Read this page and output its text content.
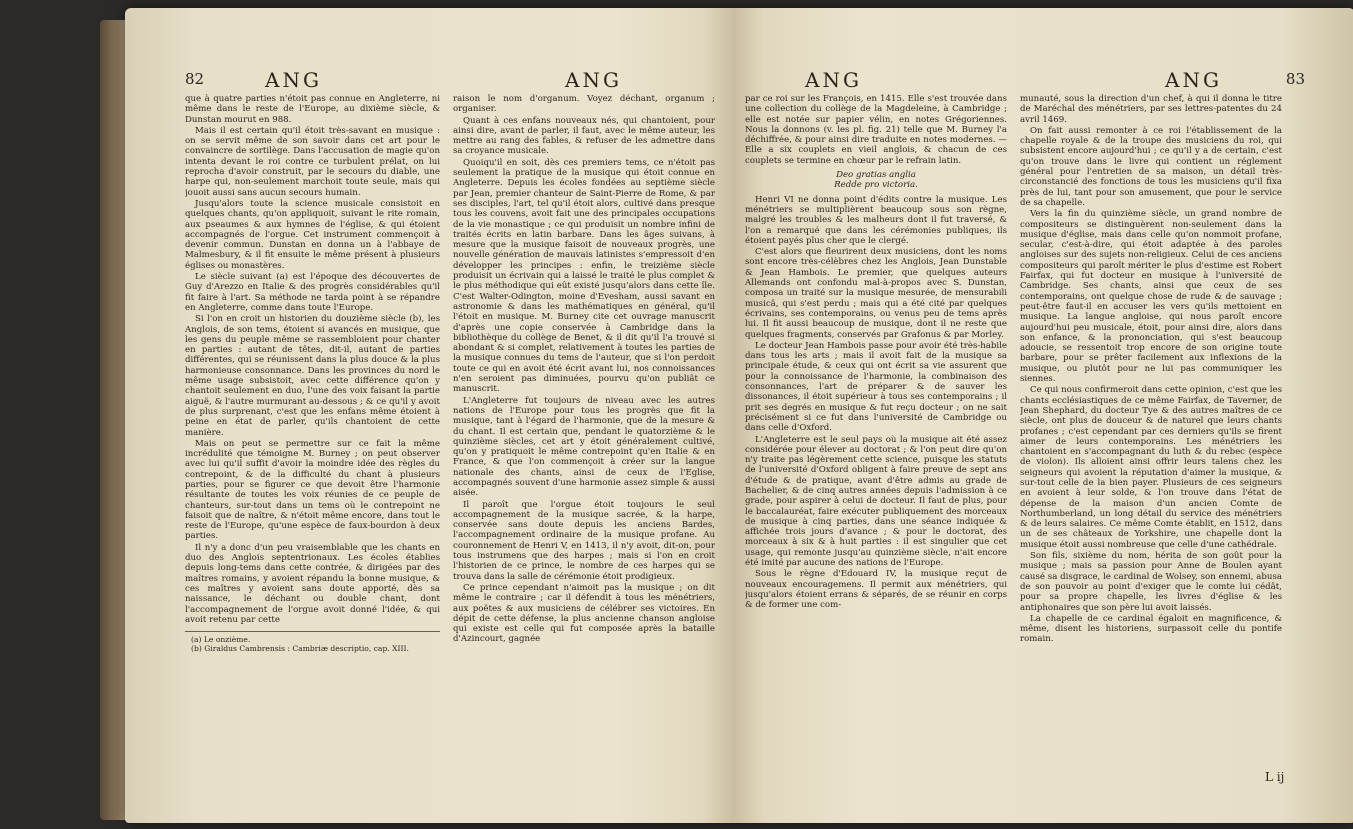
82	ANG	ANG

que à quatre parties n'étoit pas connue en Angleterre, ni même dans le reste de l'Europe, au dixième siècle, & Dunstan mourut en 988.

Mais il est certain qu'il étoit très-savant en musique : on se servit même de son savoir dans cet art pour le convaincre de sortilège. Dans l'accusation de magie qu'on intenta devant le roi contre ce turbulent prélat, on lui reprocha d'avoir construit, par le secours du diable, une harpe qui, non-seulement marchoit toute seule, mais qui jouoit aussi sans aucun secours humain.

Jusqu'alors toute la science musicale consistoit en quelques chants, qu'on appliquoit, suivant le rite romain, aux pseaumes & aux hymnes de l'église, & qui étoient accompagnés de l'orgue. Cet instrument commençoit à devenir commun. Dunstan en donna un à l'abbaye de Malmesbury, & il fit ensuite le même présent à plusieurs églises ou monastères.

Le siècle suivant (a) est l'époque des découvertes de Guy d'Arezzo en Italie & des progrès considérables qu'il fit faire à l'art. Sa méthode ne tarda point à se répandre en Angleterre, comme dans toute l'Europe.

Si l'on en croit un historien du douzième siècle (b), les Anglois, de son tems, étoient si avancés en musique, que les gens du peuple même se rassembloient pour chanter en parties : autant de têtes, dit-il, autant de parties différentes, qui se réunissent dans la plus douce & la plus harmonieuse consonnance. Dans les provinces du nord le même usage subsistoit, avec cette différence qu'on y chantoit seulement en duo, l'une des voix faisant la partie aiguë, & l'autre murmurant au-dessous ; & ce qu'il y avoit de plus surprenant, c'est que les enfans même étoient à peine en état de parler, qu'ils chantoient de cette manière.

Mais on peut se permettre sur ce fait la même incrédulité que témoigne M. Burney ; on peut observer avec lui qu'il suffit d'avoir la moindre idée des règles du contrepoint, & de la difficulté du chant à plusieurs parties, pour se figurer ce que devoit être l'harmonie résultante de toutes les voix réunies de ce peuple de chanteurs, sur-tout dans un tems où le contrepoint ne faisoit que de naître, & n'étoit même encore, dans tout le reste de l'Europe, qu'une espèce de faux-bourdon à deux parties.

Il n'y a donc d'un peu vraisemblable que les chants en duo des Anglois septentrionaux. Les écoles établies depuis long-tems dans cette contrée, & dirigées par des maîtres romains, y avoient répandu la bonne musique, & ces maîtres y avoient sans doute apporté, dès sa naissance, le déchant ou double chant, dont l'accompagnement de l'orgue avoit donné l'idée, & qui avoit retenu par cette

(a) Le onzième.
(b) Giraldus Cambrensis : Cambriæ descriptio, cap. XIII.

raison le nom d'organum. Voyez déchant, organum ; organiser.

Quant à ces enfans nouveaux nés, qui chantoient, pour ainsi dire, avant de parler, il faut, avec le même auteur, les mettre au rang des fables, & refuser de les admettre dans sa croyance musicale.

Quoiqu'il en soit, dès ces premiers tems, ce n'étoit pas seulement la pratique de la musique qui étoit connue en Angleterre. Depuis les écoles fondées au septième siècle par Jean, premier chanteur de Saint-Pierre de Rome, & par ses disciples, l'art, tel qu'il étoit alors, cultivé dans presque tous les couvens, avoit fait une des principales occupations de la vie monastique ; ce qui produisit un nombre infini de traités écrits en latin barbare. Dans les âges suivans, à mesure que la musique faisoit de nouveaux progrès, une nouvelle génération de mauvais latinistes s'empressoit d'en développer les principes : enfin, le treizième siècle produisit un écrivain qui a laissé le traité le plus complet & le plus méthodique qui eût existé jusqu'alors dans cette île. C'est Walter-Odington, moine d'Evesham, aussi savant en astronomie & dans les mathématiques en général, qu'il l'étoit en musique. M. Burney cite cet ouvrage manuscrit d'après une copie conservée à Cambridge dans la bibliothèque du collège de Benet, & il dit qu'il l'a trouvé si abondant & si complet, relativement à toutes les parties de la musique connues du tems de l'auteur, que si l'on perdoit toute ce qui en avoit été écrit avant lui, nos connoissances n'en seroient pas diminuées, pourvu qu'on publiât ce manuscrit.

L'Angleterre fut toujours de niveau avec les autres nations de l'Europe pour tous les progrès que fit la musique, tant à l'égard de l'harmonie, que de la mesure & du chant. Il est certain que, pendant le quatorzième & le quinzième siècles, cet art y étoit généralement cultivé, qu'on y pratiquoit le même contrepoint qu'en Italie & en France, & que l'on commençoit à créer sur la langue nationale des chants, ainsi de ceux de l'Eglise, accompagnés souvent d'une harmonie assez simple & aussi aisée.

Il paroît que l'orgue étoit toujours le seul accompagnement de la musique sacrée, & la harpe, conservée sans doute depuis les anciens Bardes, l'accompagnement ordinaire de la musique profane. Au couronnement de Henri V, en 1413, il n'y avoit, dit-on, pour tous instrumens que des harpes ; mais si l'on en croit l'historien de ce prince, le nombre de ces harpes qui se trouva dans la salle de cérémonie étoit prodigieux.

Ce prince cependant n'aimoit pas la musique ; on dit même le contraire ; car il défendit à tous les ménétriers, aux poëtes & aux musiciens de célébrer ses victoires. En dépit de cette défense, la plus ancienne chanson angloise qui existe est celle qui fut composée après la bataille d'Azincourt, gagnée

ANG	ANG	83

par ce roi sur les François, en 1415. Elle s'est trouvée dans une collection du collège de la Magdeleine, à Cambridge ; elle est notée sur papier vélin, en notes Grégoriennes. Nous la donnons (v. les pl. fig. 21) telle que M. Burney l'a déchiffrée, & pour ainsi dire traduite en notes modernes. — Elle a six couplets en vieil anglois, & chacun de ces couplets se termine en chœur par le refrain latin.

Deo gratias anglia
Redde pro victoria.

Henri VI ne donna point d'édits contre la musique. Les ménétriers se multiplièrent beaucoup sous son règne, malgré les troubles & les malheurs dont il fut traversé, & l'on a remarqué que dans les cérémonies publiques, ils étoient payés plus cher que le clergé.

C'est alors que fleurirent deux musiciens, dont les noms sont encore très-célèbres chez les Anglois, Jean Dunstable & Jean Hambois. Le premier, que quelques auteurs Allemands ont confondu mal-à-propos avec S. Dunstan, composa un traité sur la musique mesurée, de mensurabili musicâ, qui s'est perdu ; mais qui a été cité par quelques écrivains, ses contemporains, ou venus peu de tems après lui. Il fit aussi beaucoup de musique, dont il ne reste que quelques fragments, conservés par Grafonus & par Morley.

Le docteur Jean Hambois passe pour avoir été très-habile dans tous les arts ; mais il avoit fait de la musique sa principale étude, & ceux qui ont écrit sa vie assurent que pour la connoissance de l'harmonie, la combinaison des consonnances, l'art de préparer & de sauver les dissonances, il étoit supérieur à tous ses contemporains ; il prit ses degrés en musique & fut reçu docteur ; on ne sait précisément si ce fut dans l'université de Cambridge ou dans celle d'Oxford.

L'Angleterre est le seul pays où la musique ait été assez considérée pour élever au doctorat ; & l'on peut dire qu'on n'y traite pas légèrement cette science, puisque les statuts de l'université d'Oxford obligent à faire preuve de sept ans d'étude & de pratique, avant d'être admis au grade de Bachelier, & de cinq autres années depuis l'admission à ce grade, pour aspirer à celui de docteur. Il faut de plus, pour le baccalauréat, faire exécuter publiquement des morceaux de musique à cinq parties, dans une séance indiquée & affichée trois jours d'avance ; & pour le doctorat, des morceaux à six & à huit parties : il est singulier que cet usage, qui remonte jusqu'au quinzième siècle, n'ait encore été imité par aucune des nations de l'Europe.

Sous le règne d'Edouard IV, la musique reçut de nouveaux encouragemens. Il permit aux ménétriers, qui jusqu'alors étoient errans & séparés, de se réunir en corps & de former une com-

munauté, sous la direction d'un chef, à qui il donna le titre de Maréchal des ménétriers, par ses lettres-patentes du 24 avril 1469.

On fait aussi remonter à ce roi l'établissement de la chapelle royale & de la troupe des musiciens du roi, qui subsistent encore aujourd'hui ; ce qu'il y a de certain, c'est qu'on trouve dans le livre qui contient un réglement général pour l'entretien de sa maison, un détail très-circonstancié des fonctions de tous les musiciens qu'il fixa près de lui, tant pour son amusement, que pour le service de sa chapelle.

Vers la fin du quinzième siècle, un grand nombre de compositeurs se distinguèrent non-seulement dans la musique d'église, mais dans celle qu'on nommoit profane, secular, c'est-à-dire, qui étoit adaptée à des paroles angloises sur des sujets non-religieux. Celui de ces anciens compositeurs qui paroît mériter le plus d'estime est Robert Fairfax, qui fut docteur en musique à l'université de Cambridge. Ses chants, ainsi que ceux de ses contemporains, ont quelque chose de rude & de sauvage ; peut-être faut-il en accuser les vers qu'ils mettoient en musique. La langue angloise, qui nous paroît encore aujourd'hui peu musicale, étoit, pour ainsi dire, alors dans son enfance, & la prononciation, qui s'est beaucoup adoucie, se ressentoit trop encore de son origine toute barbare, pour se prêter facilement aux inflexions de la musique, ou plutôt pour ne lui pas communiquer les siennes.

Ce qui nous confirmeroit dans cette opinion, c'est que les chants ecclésiastiques de ce même Fairfax, de Taverner, de Jean Shephard, du docteur Tye & des autres maîtres de ce siècle, ont plus de douceur & de naturel que leurs chants profanes ; c'est cependant par ces derniers qu'ils se firent aimer de leurs contemporains. Les ménétriers les chantoient en s'accompagnant du luth & du rebec (espèce de violon). Ils alloient ainsi offrir leurs talens chez les seigneurs qui avoient la réputation d'aimer la musique, & sur-tout celle de la bien payer. Plusieurs de ces seigneurs en avoient à leur solde, & l'on trouve dans l'état de dépense de la maison d'un ancien Comte de Northumberland, un long détail du service des ménétriers & de leurs salaires. Ce même Comte établit, en 1512, dans un de ses châteaux de Yorkshire, une chapelle dont la musique étoit aussi nombreuse que celle d'une cathédrale.

Son fils, sixième du nom, hérita de son goût pour la musique ; mais sa passion pour Anne de Boulen ayant causé sa disgrace, le cardinal de Wolsey, son ennemi, abusa de son pouvoir au point d'exiger que le comte lui cédât, pour sa propre chapelle, les livres d'église & les antiphonaires que son père lui avoit laissés.

La chapelle de ce cardinal égaloit en magnificence, & même, disent les historiens, surpassoit celle du pontife romain.

L ij
